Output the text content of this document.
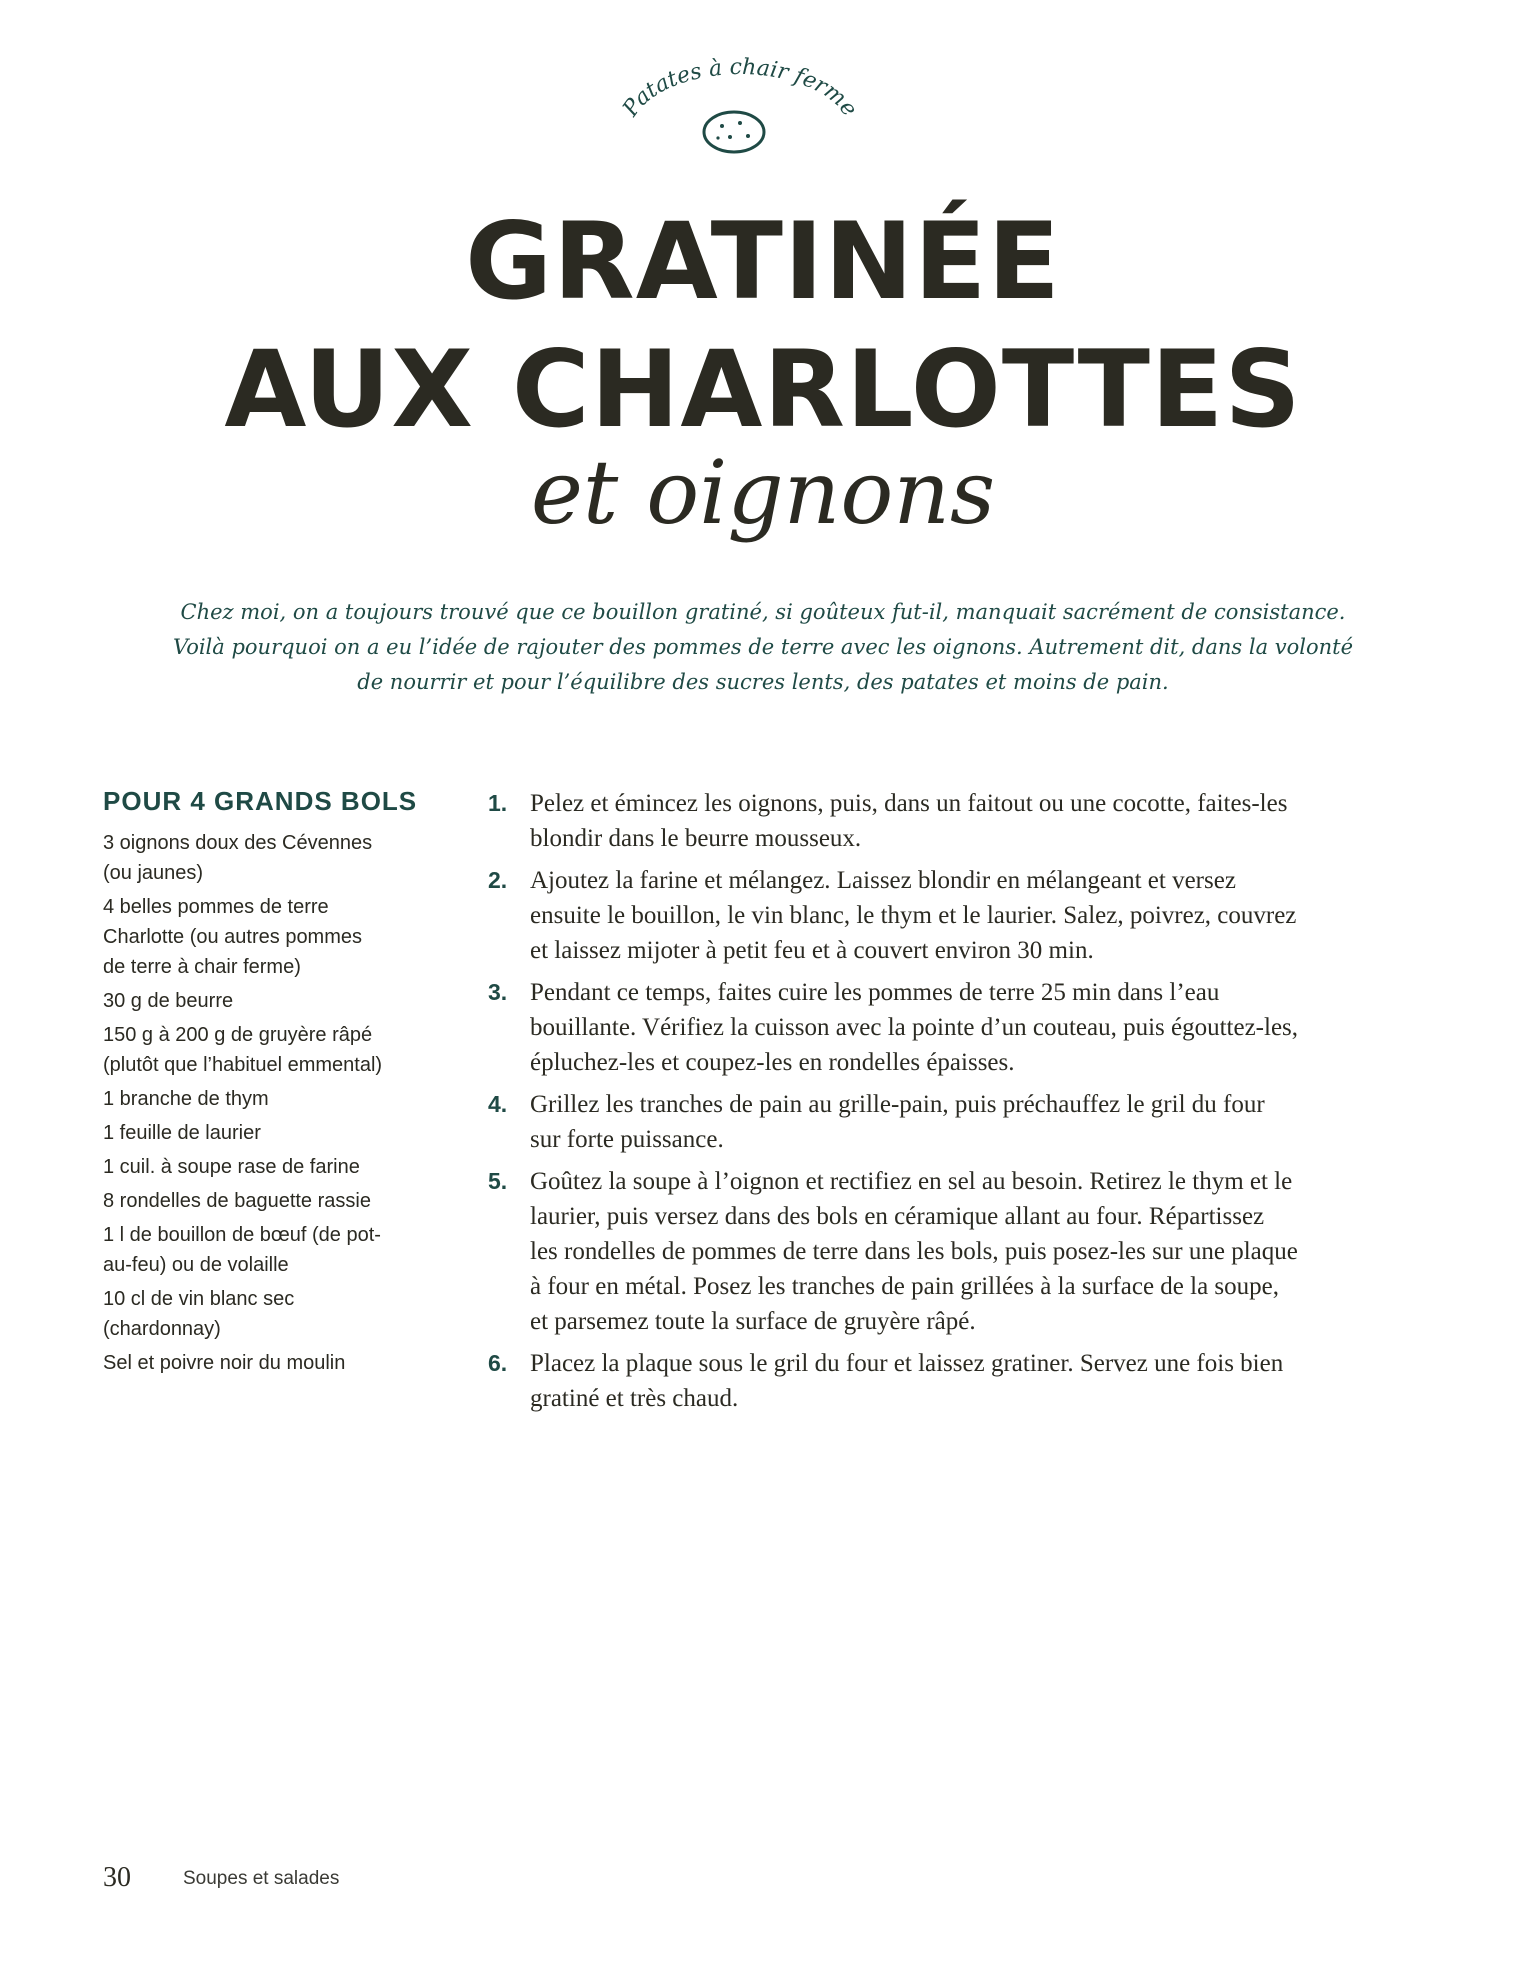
Patates à chair ferme
GRATINÉE
AUX CHARLOTTES
et oignons
Chez moi, on a toujours trouvé que ce bouillon gratiné, si goûteux fut-il, manquait sacrément de consistance.
Voilà pourquoi on a eu l’idée de rajouter des pommes de terre avec les oignons. Autrement dit, dans la volonté
de nourrir et pour l’équilibre des sucres lents, des patates et moins de pain.
POUR 4 GRANDS BOLS
3 oignons doux des Cévennes
(ou jaunes)
4 belles pommes de terre
Charlotte (ou autres pommes
de terre à chair ferme)
30 g de beurre
150 g à 200 g de gruyère râpé
(plutôt que l’habituel emmental)
1 branche de thym
1 feuille de laurier
1 cuil. à soupe rase de farine
8 rondelles de baguette rassie
1 l de bouillon de bœuf (de pot-
au-feu) ou de volaille
10 cl de vin blanc sec
(chardonnay)
Sel et poivre noir du moulin
1. Pelez et émincez les oignons, puis, dans un faitout ou une cocotte, faites-les
blondir dans le beurre mousseux.
2. Ajoutez la farine et mélangez. Laissez blondir en mélangeant et versez
ensuite le bouillon, le vin blanc, le thym et le laurier. Salez, poivrez, couvrez
et laissez mijoter à petit feu et à couvert environ 30 min.
3. Pendant ce temps, faites cuire les pommes de terre 25 min dans l’eau
bouillante. Vérifiez la cuisson avec la pointe d’un couteau, puis égouttez-les,
épluchez-les et coupez-les en rondelles épaisses.
4. Grillez les tranches de pain au grille-pain, puis préchauffez le gril du four
sur forte puissance.
5. Goûtez la soupe à l’oignon et rectifiez en sel au besoin. Retirez le thym et le
laurier, puis versez dans des bols en céramique allant au four. Répartissez
les rondelles de pommes de terre dans les bols, puis posez-les sur une plaque
à four en métal. Posez les tranches de pain grillées à la surface de la soupe,
et parsemez toute la surface de gruyère râpé.
6. Placez la plaque sous le gril du four et laissez gratiner. Servez une fois bien
gratiné et très chaud.
30	Soupes et salades
